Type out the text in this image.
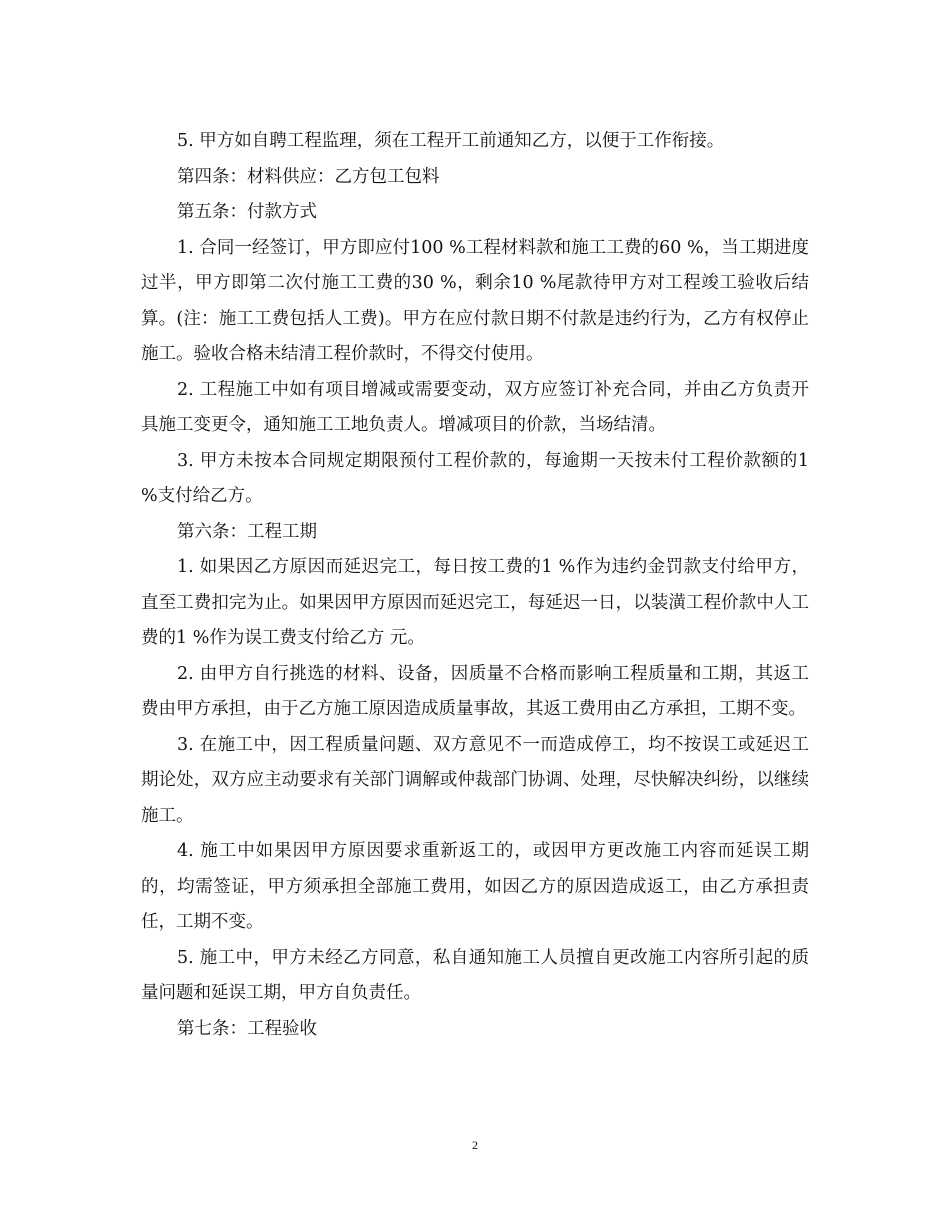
5. 甲方如自聘工程监理，须在工程开工前通知乙方，以便于工作衔接。

第四条：材料供应：乙方包工包料

第五条：付款方式

1. 合同一经签订，甲方即应付100 %工程材料款和施工工费的60 %，当工期进度过半，甲方即第二次付施工工费的30 %，剩余10 %尾款待甲方对工程竣工验收后结算。(注：施工工费包括人工费)。甲方在应付款日期不付款是违约行为，乙方有权停止施工。验收合格未结清工程价款时，不得交付使用。

2. 工程施工中如有项目增减或需要变动，双方应签订补充合同，并由乙方负责开具施工变更令，通知施工工地负责人。增减项目的价款，当场结清。

3. 甲方未按本合同规定期限预付工程价款的，每逾期一天按未付工程价款额的1 %支付给乙方。

第六条：工程工期

1. 如果因乙方原因而延迟完工，每日按工费的1 %作为违约金罚款支付给甲方，直至工费扣完为止。如果因甲方原因而延迟完工，每延迟一日，以装潢工程价款中人工费的1 %作为误工费支付给乙方 元。

2. 由甲方自行挑选的材料、设备，因质量不合格而影响工程质量和工期，其返工费由甲方承担，由于乙方施工原因造成质量事故，其返工费用由乙方承担，工期不变。

3. 在施工中，因工程质量问题、双方意见不一而造成停工，均不按误工或延迟工期论处，双方应主动要求有关部门调解或仲裁部门协调、处理，尽快解决纠纷，以继续施工。

4. 施工中如果因甲方原因要求重新返工的，或因甲方更改施工内容而延误工期的，均需签证，甲方须承担全部施工费用，如因乙方的原因造成返工，由乙方承担责任，工期不变。

5. 施工中，甲方未经乙方同意，私自通知施工人员擅自更改施工内容所引起的质量问题和延误工期，甲方自负责任。

第七条：工程验收

2
